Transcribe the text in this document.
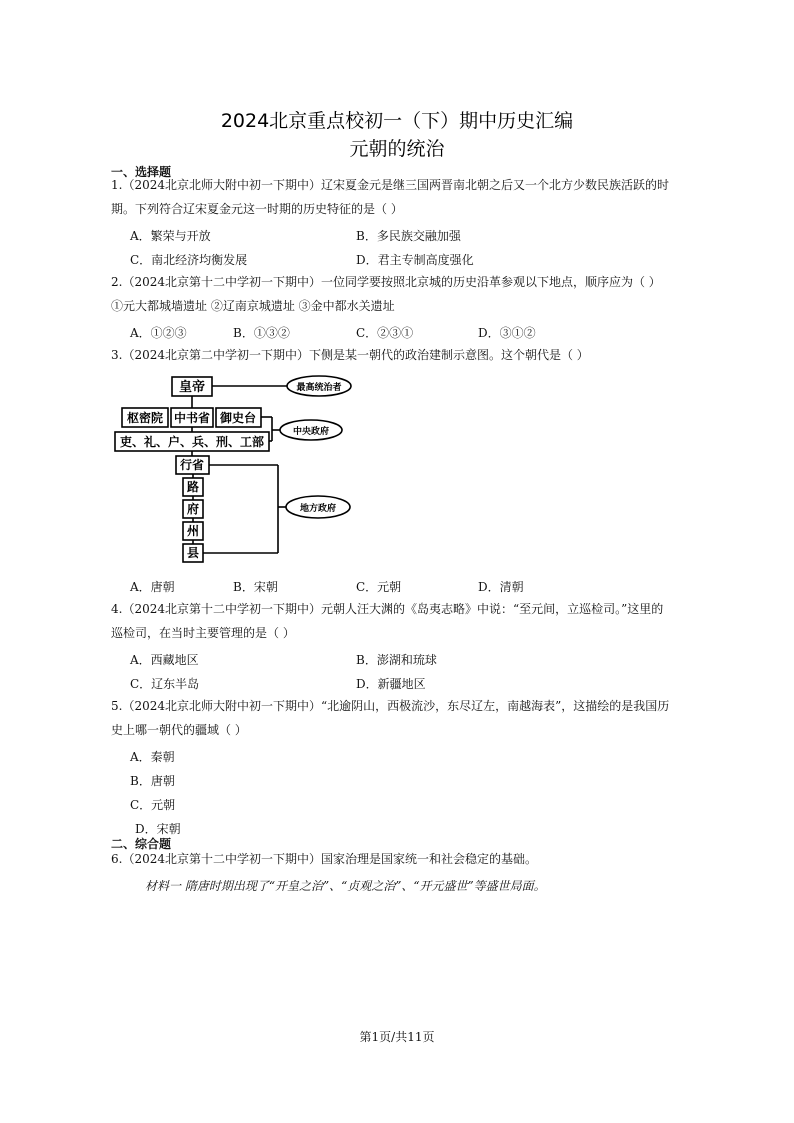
2024北京重点校初一（下）期中历史汇编
元朝的统治
一、选择题
1.（2024北京北师大附中初一下期中）辽宋夏金元是继三国两晋南北朝之后又一个北方少数民族活跃的时
期。下列符合辽宋夏金元这一时期的历史特征的是（ ）
A．繁荣与开放	B．多民族交融加强
C．南北经济均衡发展	D．君主专制高度强化
2.（2024北京第十二中学初一下期中）一位同学要按照北京城的历史沿革参观以下地点，顺序应为（ ）
①元大都城墙遗址 ②辽南京城遗址 ③金中都水关遗址
A．①②③	B．①③②	C．②③①	D．③①②
3.（2024北京第二中学初一下期中）下侧是某一朝代的政治建制示意图。这个朝代是（ ）
皇帝
枢密院 中书省 御史台
吏、礼、户、兵、刑、工部
行省
路
府
州
县
最高统治者
中央政府
地方政府
A．唐朝	B．宋朝	C．元朝	D．清朝
4.（2024北京第十二中学初一下期中）元朝人汪大渊的《岛夷志略》中说：“至元间，立巡检司。”这里的
巡检司，在当时主要管理的是（ ）
A．西藏地区	B．澎湖和琉球
C．辽东半岛	D．新疆地区
5.（2024北京北师大附中初一下期中）“北逾阴山，西极流沙，东尽辽左，南越海表”，这描绘的是我国历
史上哪一朝代的疆域（ ）
A．秦朝
B．唐朝
C．元朝
D．宋朝
二、综合题
6.（2024北京第十二中学初一下期中）国家治理是国家统一和社会稳定的基础。
材料一 隋唐时期出现了“开皇之治”、“贞观之治”、“开元盛世”等盛世局面。
第1页/共11页
